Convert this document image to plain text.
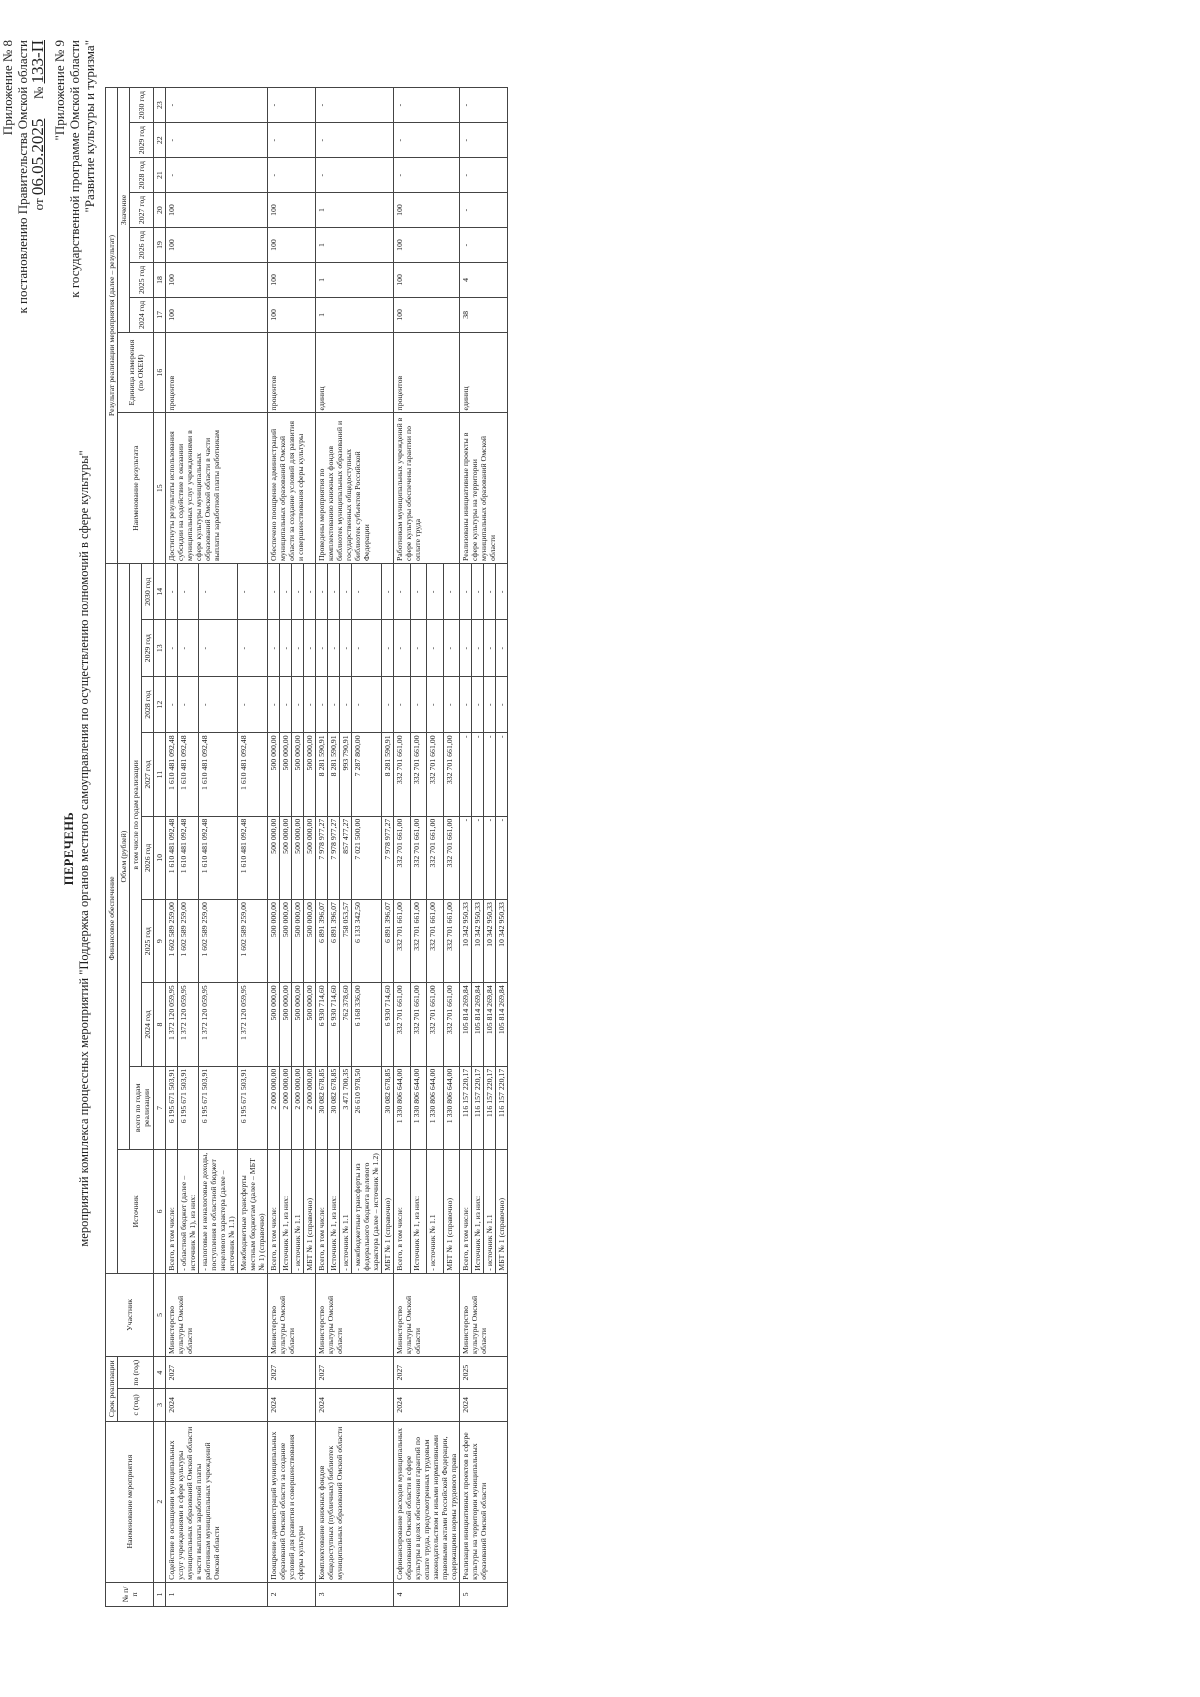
Приложение № 8 к постановлению Правительства Омской области от 06.05.2025      № 133-П "Приложение № 9 к государственной программе Омской области "Развитие культуры и туризма"
ПЕРЕЧЕНЬ мероприятий комплекса процессных мероприятий "Поддержка органов местного самоуправления по осуществлению полномочий в сфере культуры"
№ п/п	Наименование мероприятия	Срок реализации		Участник	Финансовое обеспечение									Результат реализации мероприятия (далее – результат)								
		с (год)	по (год)		Источник	Объем (рублей)								Наименование результата	Единица измерения (по ОКЕИ)	Значение						
						всего по годам реализации	в том числе по годам реализации									2024 год	2025 год	2026 год	2027 год	2028 год	2029 год	2030 год
							2024 год	2025 год	2026 год	2027 год	2028 год	2029 год	2030 год									
1	2	3	4	5	6	7	8	9	10	11	12	13	14	15	16	17	18	19	20	21	22	23
1	Содействие в оснащении муниципальных услуг учреждениями в сфере культуры муниципальных образований Омской области в части выплаты заработной платы работникам муниципальных учреждений Омской области	2024	2027	Министерство культуры Омской области	Всего, в том числе:	6 195 671 503,91	1 372 120 059,95	1 602 589 259,00	1 610 481 092,48	1 610 481 092,48	-	-	-	Достигнуты результаты использования субсидии на содействие в оказании муниципальных услуг учреждениями в сфере культуры муниципальных образований Омской области в части выплаты заработной платы работникам	процентов	100	100	100	100	-	-	-
					- областной бюджет (далее – источник № 1), из них:	6 195 671 503,91	1 372 120 059,95	1 602 589 259,00	1 610 481 092,48	1 610 481 092,48	-	-	-									
					- налоговые и неналоговые доходы, поступления в областной бюджет нецелевого характера (далее – источник № 1.1)	6 195 671 503,91	1 372 120 059,95	1 602 589 259,00	1 610 481 092,48	1 610 481 092,48	-	-	-									
					Межбюджетные трансферты местным бюджетам (далее – МБТ № 1) (справочно)	6 195 671 503,91	1 372 120 059,95	1 602 589 259,00	1 610 481 092,48	1 610 481 092,48	-	-	-									
2	Поощрение администраций муниципальных образований Омской области за создание условий для развития и совершенствования сферы культуры	2024	2027	Министерство культуры Омской области	Всего, в том числе:	2 000 000,00	500 000,00	500 000,00	500 000,00	500 000,00	-	-	-	Обеспечено поощрение администраций муниципальных образований Омской области за создание условий для развития и совершенствования сферы культуры	процентов	100	100	100	100	-	-	-
					Источник № 1, из них:	2 000 000,00	500 000,00	500 000,00	500 000,00	500 000,00	-	-	-									
					- источник № 1.1	2 000 000,00	500 000,00	500 000,00	500 000,00	500 000,00	-	-	-									
					МБТ № 1 (справочно)	2 000 000,00	500 000,00	500 000,00	500 000,00	500 000,00	-	-	-									
3	Комплектование книжных фондов общедоступных (публичных) библиотек муниципальных образований Омской области	2024	2027	Министерство культуры Омской области	Всего, в том числе:	30 082 678,85	6 930 714,60	6 891 396,07	7 978 977,27	8 281 590,91	-	-	-	Проведены мероприятия по комплектованию книжных фондов библиотек муниципальных образований и государственных общедоступных библиотек субъектов Российской Федерации	единиц	1	1	1	1	-	-	-
					Источник № 1, из них:	30 082 678,85	6 930 714,60	6 891 396,07	7 978 977,27	8 281 590,91	-	-	-									
					- источник № 1.1	3 471 700,35	762 378,60	758 053,57	857 477,27	993 790,91	-	-	-									
					- межбюджетные трансферты из федерального бюджета целевого характера (далее – источник № 1.2)	26 610 978,50	6 168 336,00	6 133 342,50	7 021 500,00	7 287 800,00	-	-	-									
					МБТ № 1 (справочно)	30 082 678,85	6 930 714,60	6 891 396,07	7 978 977,27	8 281 590,91	-	-	-									
4	Софинансирование расходов муниципальных образований Омской области в сфере культуры в целях обеспечения гарантий по оплате труда, предусмотренных трудовым законодательством и иными нормативными правовыми актами Российской Федерации, содержащими нормы трудового права	2024	2027	Министерство культуры Омской области	Всего, в том числе:	1 330 806 644,00	332 701 661,00	332 701 661,00	332 701 661,00	332 701 661,00	-	-	-	Работникам муниципальных учреждений в сфере культуры обеспечены гарантии по оплате труда	процентов	100	100	100	100	-	-	-
					Источник № 1, из них:	1 330 806 644,00	332 701 661,00	332 701 661,00	332 701 661,00	332 701 661,00	-	-	-									
					- источник № 1.1	1 330 806 644,00	332 701 661,00	332 701 661,00	332 701 661,00	332 701 661,00	-	-	-									
					МБТ № 1 (справочно)	1 330 806 644,00	332 701 661,00	332 701 661,00	332 701 661,00	332 701 661,00	-	-	-									
5	Реализация инициативных проектов в сфере культуры на территории муниципальных образований Омской области	2024	2025	Министерство культуры Омской области	Всего, в том числе:	116 157 220,17	105 814 269,84	10 342 950,33	-	-	-	-	-	Реализованы инициативные проекты в сфере культуры на территории муниципальных образований Омской области	единиц	38	4	-	-	-	-	-
					Источник № 1, из них:	116 157 220,17	105 814 269,84	10 342 950,33	-	-	-	-	-									
					- источник № 1.1	116 157 220,17	105 814 269,84	10 342 950,33	-	-	-	-	-									
					МБТ № 1 (справочно)	116 157 220,17	105 814 269,84	10 342 950,33	-	-	-	-	-									
